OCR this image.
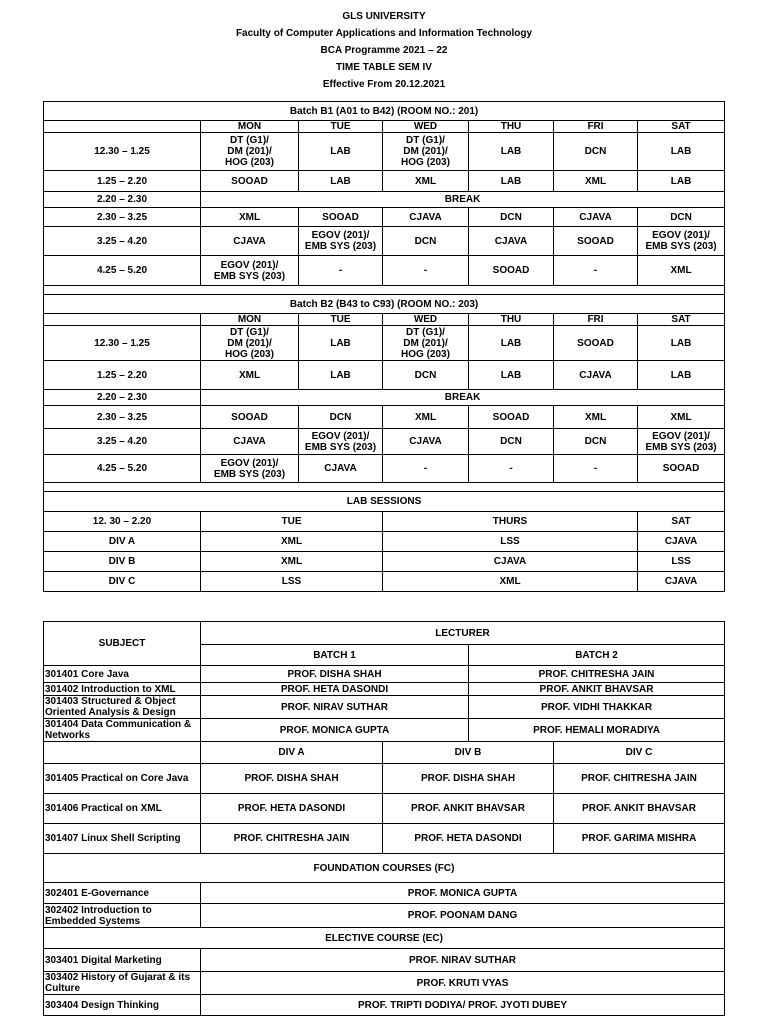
GLS UNIVERSITY
Faculty of Computer Applications and Information Technology
BCA Programme 2021 – 22
TIME TABLE SEM IV
Effective From 20.12.2021
Batch B1 (A01 to B42) (ROOM NO.: 201)						
	MON	TUE	WED	THU	FRI	SAT
12.30 – 1.25	DT (G1)/
DM (201)/
HOG (203)	LAB	DT (G1)/
DM (201)/
HOG (203)	LAB	DCN	LAB
1.25 – 2.20	SOOAD	LAB	XML	LAB	XML	LAB
2.20 – 2.30	BREAK					
2.30 – 3.25	XML	SOOAD	CJAVA	DCN	CJAVA	DCN
3.25 – 4.20	CJAVA	EGOV (201)/
EMB SYS (203)	DCN	CJAVA	SOOAD	EGOV (201)/
EMB SYS (203)
4.25 – 5.20	EGOV (201)/
EMB SYS (203)	-	-	SOOAD	-	XML

Batch B2 (B43 to C93) (ROOM NO.: 203)						
	MON	TUE	WED	THU	FRI	SAT
12.30 – 1.25	DT (G1)/
DM (201)/
HOG (203)	LAB	DT (G1)/
DM (201)/
HOG (203)	LAB	SOOAD	LAB
1.25 – 2.20	XML	LAB	DCN	LAB	CJAVA	LAB
2.20 – 2.30	BREAK					
2.30 – 3.25	SOOAD	DCN	XML	SOOAD	XML	XML
3.25 – 4.20	CJAVA	EGOV (201)/
EMB SYS (203)	CJAVA	DCN	DCN	EGOV (201)/
EMB SYS (203)
4.25 – 5.20	EGOV (201)/
EMB SYS (203)	CJAVA	-	-	-	SOOAD

LAB SESSIONS						
12. 30 – 2.20	TUE		THURS			SAT
DIV A	XML		LSS			CJAVA
DIV B	XML		CJAVA			LSS
DIV C	LSS		XML			CJAVA
SUBJECT	LECTURER			
	BATCH 1		BATCH 2	
301401 Core Java	PROF. DISHA SHAH		PROF. CHITRESHA JAIN	
301402 Introduction to XML	PROF. HETA DASONDI		PROF. ANKIT BHAVSAR	
301403 Structured & Object
Oriented Analysis & Design	PROF. NIRAV SUTHAR		PROF. VIDHI THAKKAR	
301404 Data Communication &
Networks	PROF. MONICA GUPTA		PROF. HEMALI MORADIYA	
	DIV A	DIV B		DIV C
301405 Practical on Core Java	PROF. DISHA SHAH	PROF. DISHA SHAH		PROF. CHITRESHA JAIN
301406 Practical on XML	PROF. HETA DASONDI	PROF. ANKIT BHAVSAR		PROF. ANKIT BHAVSAR
301407 Linux Shell Scripting	PROF. CHITRESHA JAIN	PROF. HETA DASONDI		PROF. GARIMA MISHRA
FOUNDATION COURSES (FC)				
302401 E-Governance	PROF. MONICA GUPTA			
302402 Introduction to
Embedded Systems	PROF. POONAM DANG			
ELECTIVE COURSE (EC)				
303401 Digital Marketing	PROF. NIRAV SUTHAR			
303402 History of Gujarat & its
Culture	PROF. KRUTI VYAS			
303404 Design Thinking	PROF. TRIPTI DODIYA/ PROF. JYOTI DUBEY			
